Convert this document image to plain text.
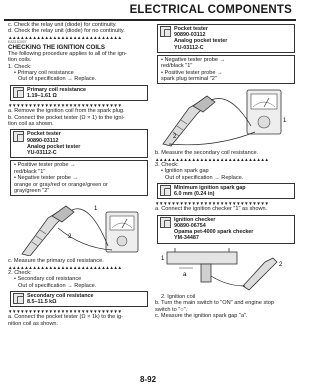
ELECTRICAL COMPONENTS
c. Check the relay unit (diode) for continuity.
d. Check the relay unit (diode) for no continuity.
▲▲▲▲▲▲▲▲▲▲▲▲▲▲▲▲▲▲▲▲▲▲▲▲▲▲▲▲
EAS1S3007
CHECKING THE IGNITION COILS
The following procedure applies to all of the ign-
tion coils.
1. Check:
• Primary coil resistance
Out of specification → Replace.
Primary coil resistance
1.19–1.61 Ω
▼▼▼▼▼▼▼▼▼▼▼▼▼▼▼▼▼▼▼▼▼▼▼▼▼▼▼▼
a. Remove the ignition coil from the spark plug.
b. Connect the pocket tester (Ω × 1) to the igni-
tion coil as shown.
Pocket tester
90890-03112
Analog pocket tester
YU-03112-C
• Positive tester probe →
red/black "1"
• Negative tester probe →
orange or gray/red or orange/green or
gray/green "2"
1
2
c. Measure the primary coil resistance.
▲▲▲▲▲▲▲▲▲▲▲▲▲▲▲▲▲▲▲▲▲▲▲▲▲▲▲▲
2. Check:
• Secondary coil resistance
Out of specification → Replace.
Secondary coil resistance
8.5–11.5 kΩ
▼▼▼▼▼▼▼▼▼▼▼▼▼▼▼▼▼▼▼▼▼▼▼▼▼▼▼▼
a. Connect the pocket tester (Ω × 1k) to the ig-
nition coil as shown.
Pocket tester
90890-03112
Analog pocket tester
YU-03112-C
• Negative tester probe →
red/black "1"
• Positive tester probe →
spark plug terminal "2"
1
2
b. Measure the secondary coil resistance.
▲▲▲▲▲▲▲▲▲▲▲▲▲▲▲▲▲▲▲▲▲▲▲▲▲▲▲▲
3. Check:
• Ignition spark gap
Out of specification → Replace.
Minimum ignition spark gap
6.0 mm (0.24 in)
▼▼▼▼▼▼▼▼▼▼▼▼▼▼▼▼▼▼▼▼▼▼▼▼▼▼▼▼
a. Connect the ignition checker "1" as shown.
Ignition checker
90890-06754
Opama pet-4000 spark checker
YM-34487
1
a
2
2. Ignition coil
b. Turn the main switch to "ON" and engine stop
switch to "○".
c. Measure the ignition spark gap "a".
8-92
